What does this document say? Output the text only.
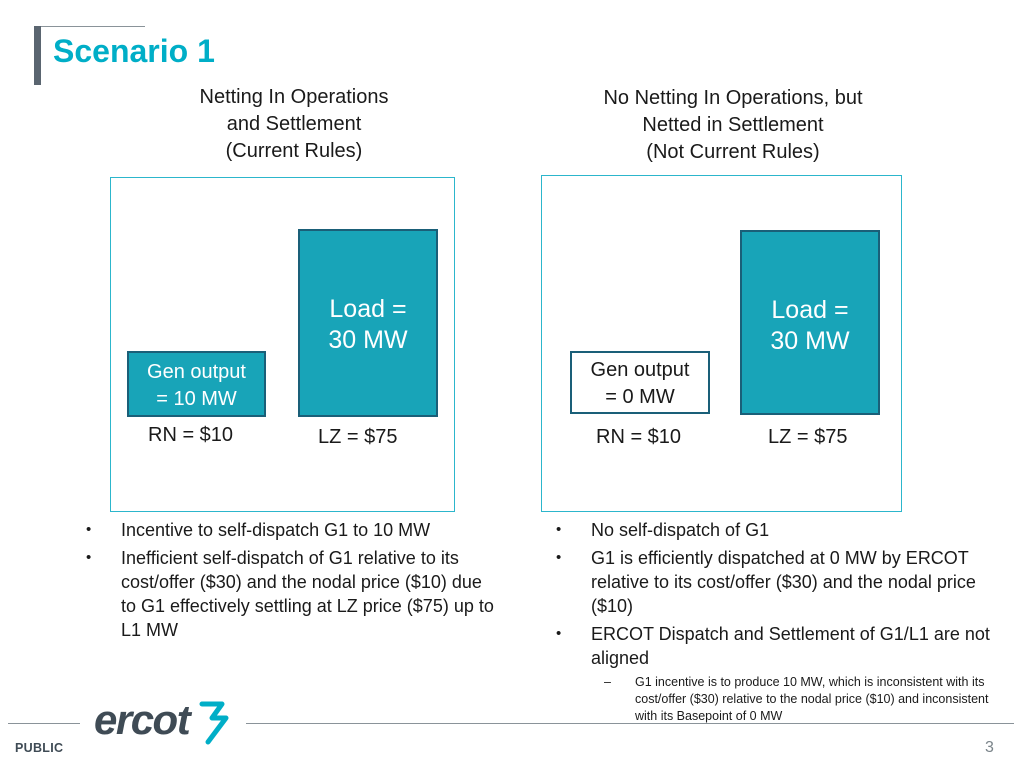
Scenario 1
Netting In Operations
and Settlement
(Current Rules)
No Netting In Operations, but
Netted in Settlement
(Not Current Rules)
Load =
30 MW
Gen output
= 10 MW
RN = $10	LZ = $75
Load =
30 MW
Gen output
= 0 MW
RN = $10	LZ = $75
• Incentive to self-dispatch G1 to 10 MW
• Inefficient self-dispatch of G1 relative to its cost/offer ($30) and the nodal price ($10) due to G1 effectively settling at LZ price ($75) up to L1 MW
• No self-dispatch of G1
• G1 is efficiently dispatched at 0 MW by ERCOT relative to its cost/offer ($30) and the nodal price ($10)
• ERCOT Dispatch and Settlement of G1/L1 are not aligned
– G1 incentive is to produce 10 MW, which is inconsistent with its cost/offer ($30) relative to the nodal price ($10) and inconsistent with its Basepoint of 0 MW
ercot
PUBLIC	3
